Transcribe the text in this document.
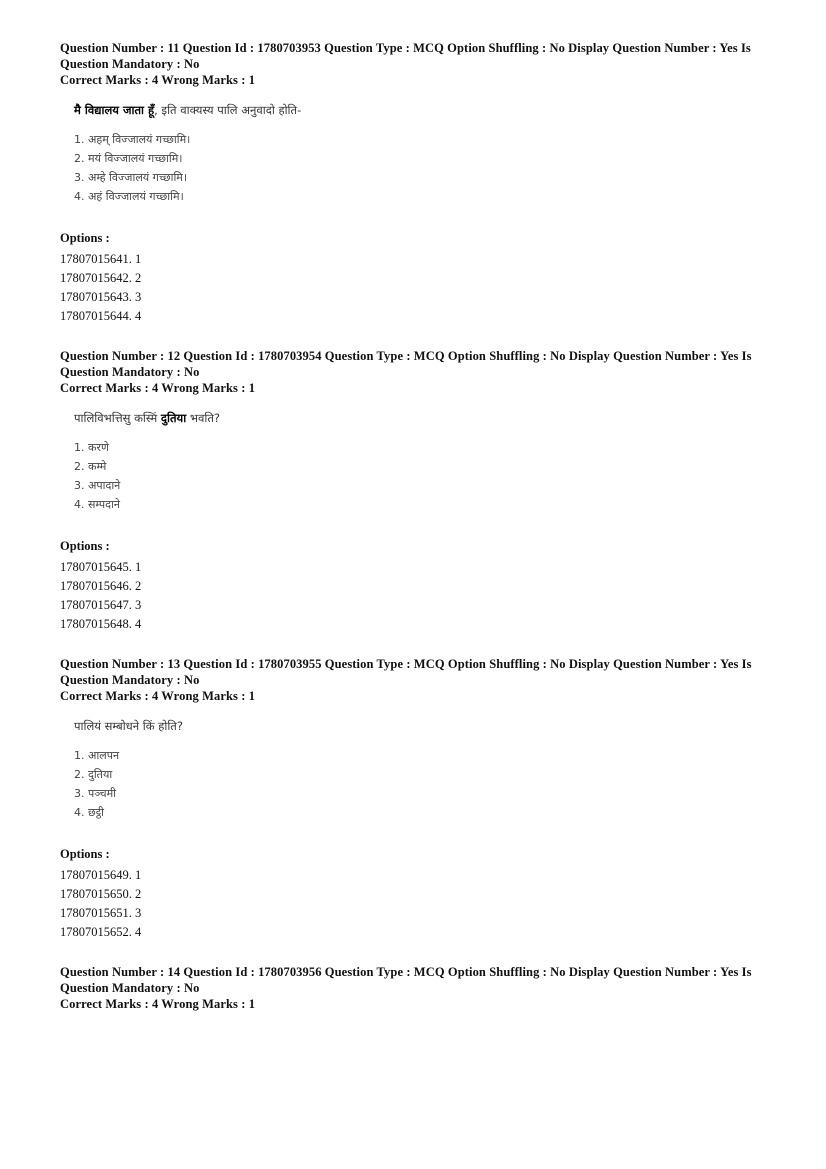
Question Number : 11 Question Id : 1780703953 Question Type : MCQ Option Shuffling : No Display Question Number : Yes Is
Question Mandatory : No
Correct Marks : 4 Wrong Marks : 1
मै विद्यालय जाता हूँ, इति वाक्यस्य पालि अनुवादो होति-
1. अहम् विज्जालयं गच्छामि।
2. मयं विज्जालयं गच्छामि।
3. अम्हे विज्जालयं गच्छामि।
4. अहं विज्जालयं गच्छामि।
Options :
17807015641. 1
17807015642. 2
17807015643. 3
17807015644. 4
Question Number : 12 Question Id : 1780703954 Question Type : MCQ Option Shuffling : No Display Question Number : Yes Is
Question Mandatory : No
Correct Marks : 4 Wrong Marks : 1
पालिविभत्तिसु कस्मिं दुतिया भवति?
1. करणे
2. कम्मे
3. अपादाने
4. सम्पदाने
Options :
17807015645. 1
17807015646. 2
17807015647. 3
17807015648. 4
Question Number : 13 Question Id : 1780703955 Question Type : MCQ Option Shuffling : No Display Question Number : Yes Is
Question Mandatory : No
Correct Marks : 4 Wrong Marks : 1
पालियं सम्बोधने किं होति?
1. आलपन
2. दुतिया
3. पञ्चमी
4. छट्ठी
Options :
17807015649. 1
17807015650. 2
17807015651. 3
17807015652. 4
Question Number : 14 Question Id : 1780703956 Question Type : MCQ Option Shuffling : No Display Question Number : Yes Is
Question Mandatory : No
Correct Marks : 4 Wrong Marks : 1
